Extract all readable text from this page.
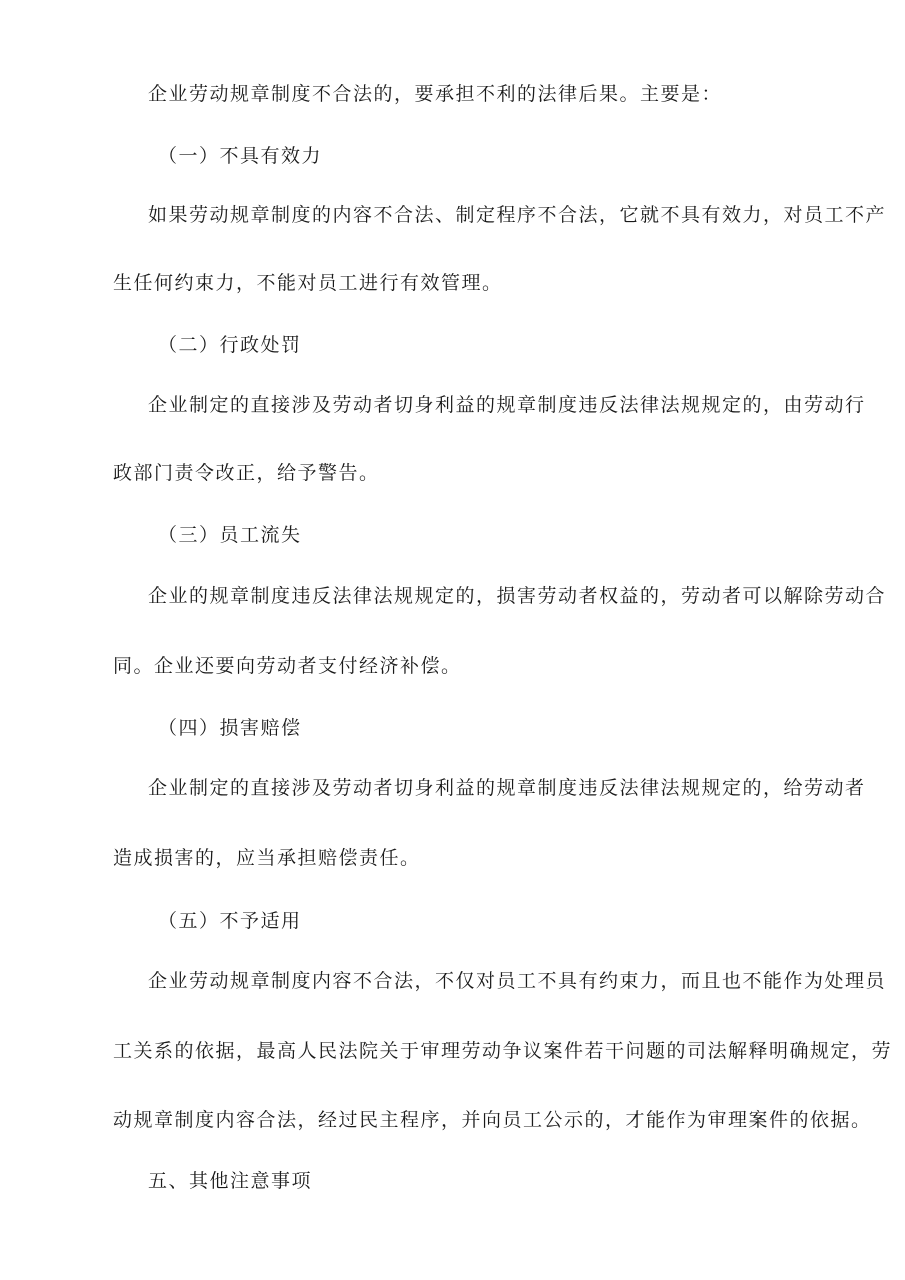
企业劳动规章制度不合法的，要承担不利的法律后果。主要是：
（一）不具有效力
如果劳动规章制度的内容不合法、制定程序不合法，它就不具有效力，对员工不产
生任何约束力，不能对员工进行有效管理。
（二）行政处罚
企业制定的直接涉及劳动者切身利益的规章制度违反法律法规规定的，由劳动行
政部门责令改正，给予警告。
（三）员工流失
企业的规章制度违反法律法规规定的，损害劳动者权益的，劳动者可以解除劳动合
同。企业还要向劳动者支付经济补偿。
（四）损害赔偿
企业制定的直接涉及劳动者切身利益的规章制度违反法律法规规定的，给劳动者
造成损害的，应当承担赔偿责任。
（五）不予适用
企业劳动规章制度内容不合法，不仅对员工不具有约束力，而且也不能作为处理员
工关系的依据，最高人民法院关于审理劳动争议案件若干问题的司法解释明确规定，劳
动规章制度内容合法，经过民主程序，并向员工公示的，才能作为审理案件的依据。
五、其他注意事项
